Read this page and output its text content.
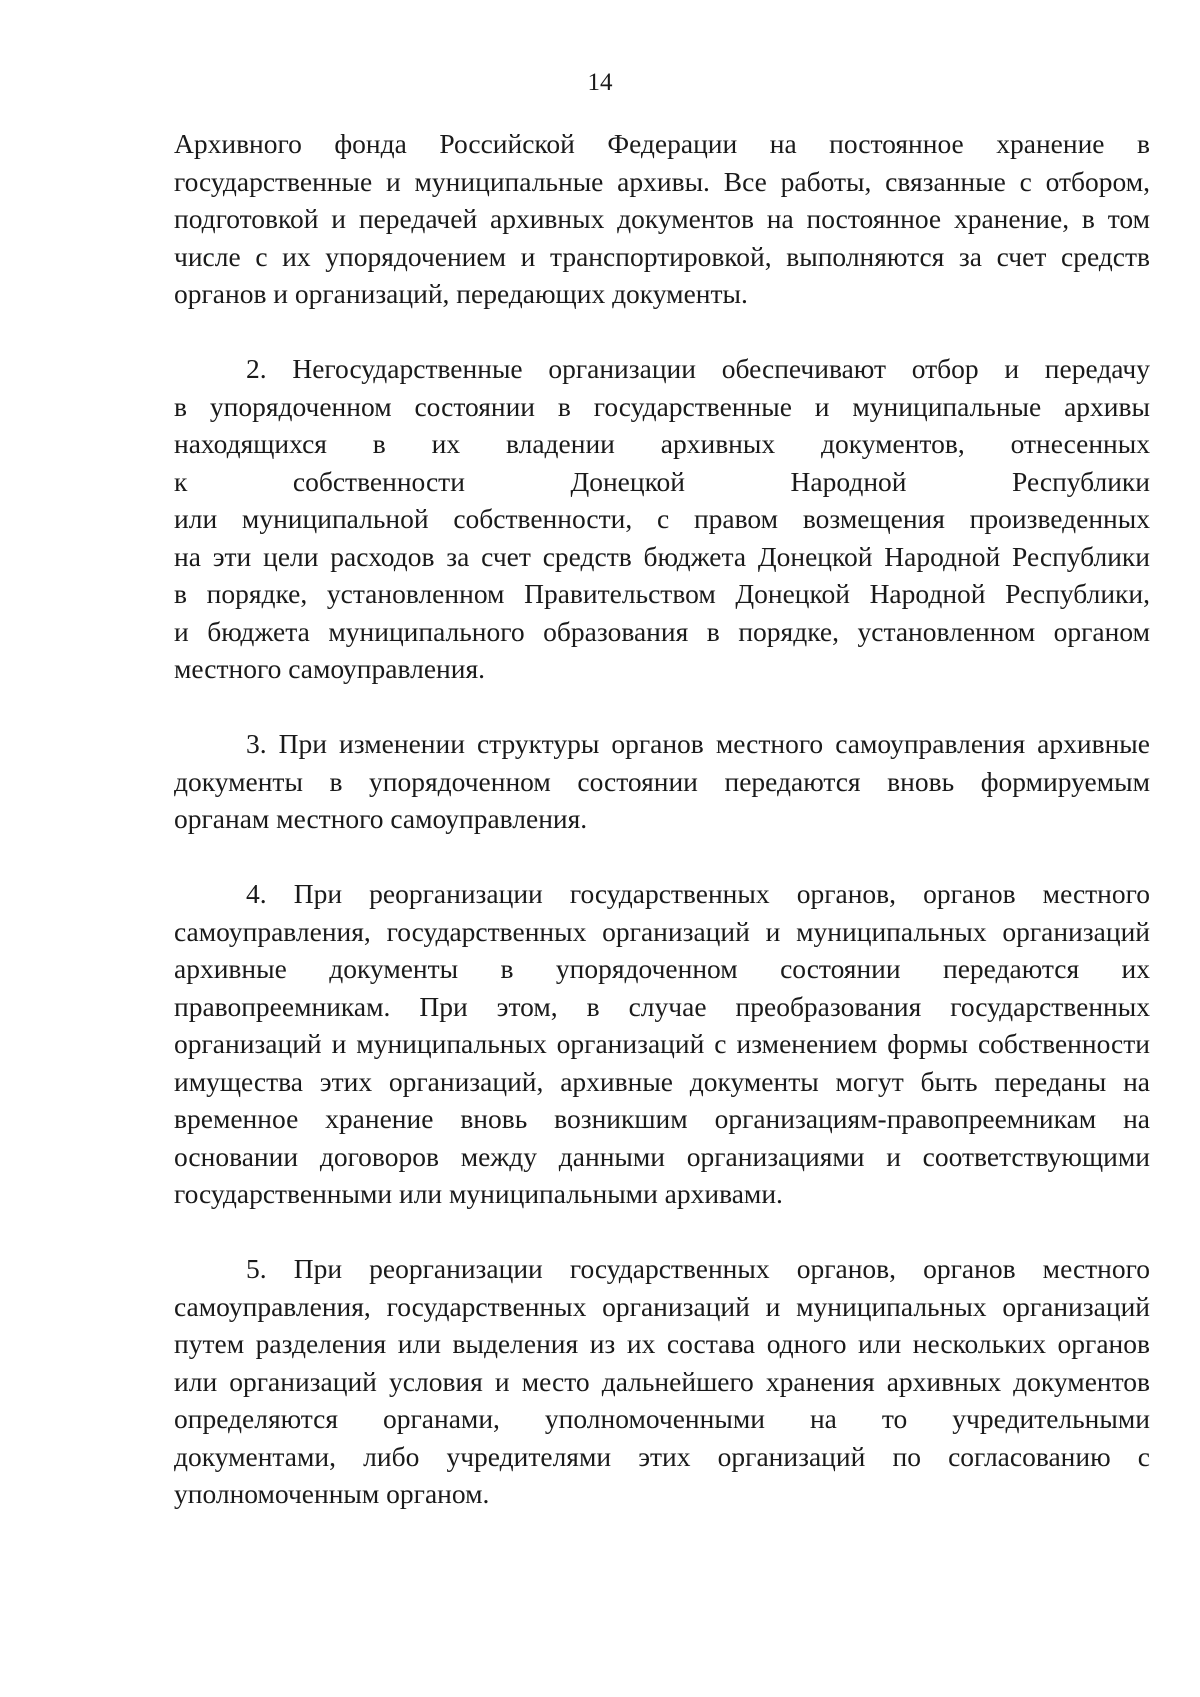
14
Архивного фонда Российской Федерации на постоянное хранение в
государственные и муниципальные архивы. Все работы, связанные с отбором,
подготовкой и передачей архивных документов на постоянное хранение, в том
числе с их упорядочением и транспортировкой, выполняются за счет средств
органов и организаций, передающих документы.
2. Негосударственные организации обеспечивают отбор и передачу
в упорядоченном состоянии в государственные и муниципальные архивы
находящихся в их владении архивных документов, отнесенных
к собственности Донецкой Народной Республики
или муниципальной собственности, с правом возмещения произведенных
на эти цели расходов за счет средств бюджета Донецкой Народной Республики
в порядке, установленном Правительством Донецкой Народной Республики,
и бюджета муниципального образования в порядке, установленном органом
местного самоуправления.
3. При изменении структуры органов местного самоуправления архивные
документы в упорядоченном состоянии передаются вновь формируемым
органам местного самоуправления.
4. При реорганизации государственных органов, органов местного
самоуправления, государственных организаций и муниципальных организаций
архивные документы в упорядоченном состоянии передаются их
правопреемникам. При этом, в случае преобразования государственных
организаций и муниципальных организаций с изменением формы собственности
имущества этих организаций, архивные документы могут быть переданы на
временное хранение вновь возникшим организациям-правопреемникам на
основании договоров между данными организациями и соответствующими
государственными или муниципальными архивами.
5. При реорганизации государственных органов, органов местного
самоуправления, государственных организаций и муниципальных организаций
путем разделения или выделения из их состава одного или нескольких органов
или организаций условия и место дальнейшего хранения архивных документов
определяются органами, уполномоченными на то учредительными
документами, либо учредителями этих организаций по согласованию с
уполномоченным органом.
